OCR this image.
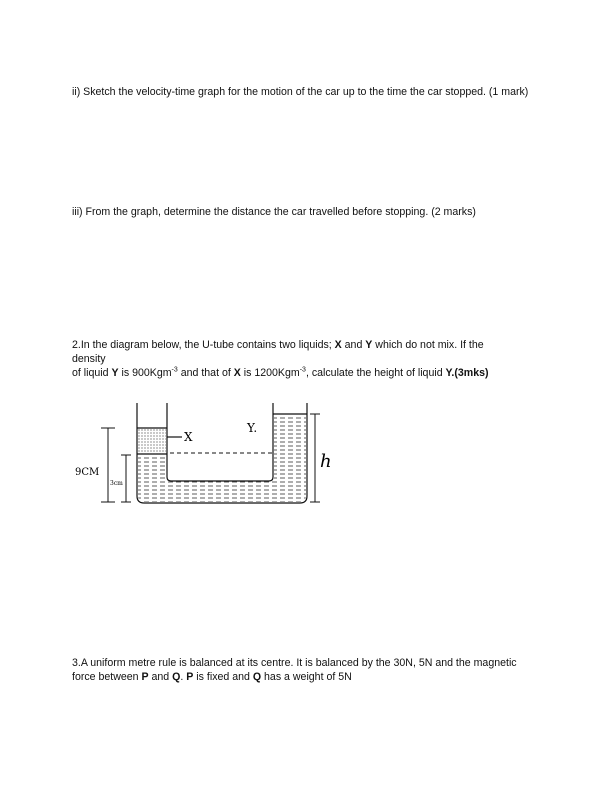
ii) Sketch the velocity-time graph for the motion of the car up to the time the car stopped. (1 mark)

iii) From the graph, determine the distance the car travelled before stopping. (2 marks)

2.In the diagram below, the U-tube contains two liquids; X and Y which do not mix. If the density
of liquid Y is 900Kgm$^{-3}$ and that of X is 1200Kgm$^{-3}$, calculate the height of liquid Y.(3mks)

X
Y.
9CM
3cm
h

3.A uniform metre rule is balanced at its centre. It is balanced by the 30N, 5N and the magnetic force between P and Q. P is fixed and Q has a weight of 5N
